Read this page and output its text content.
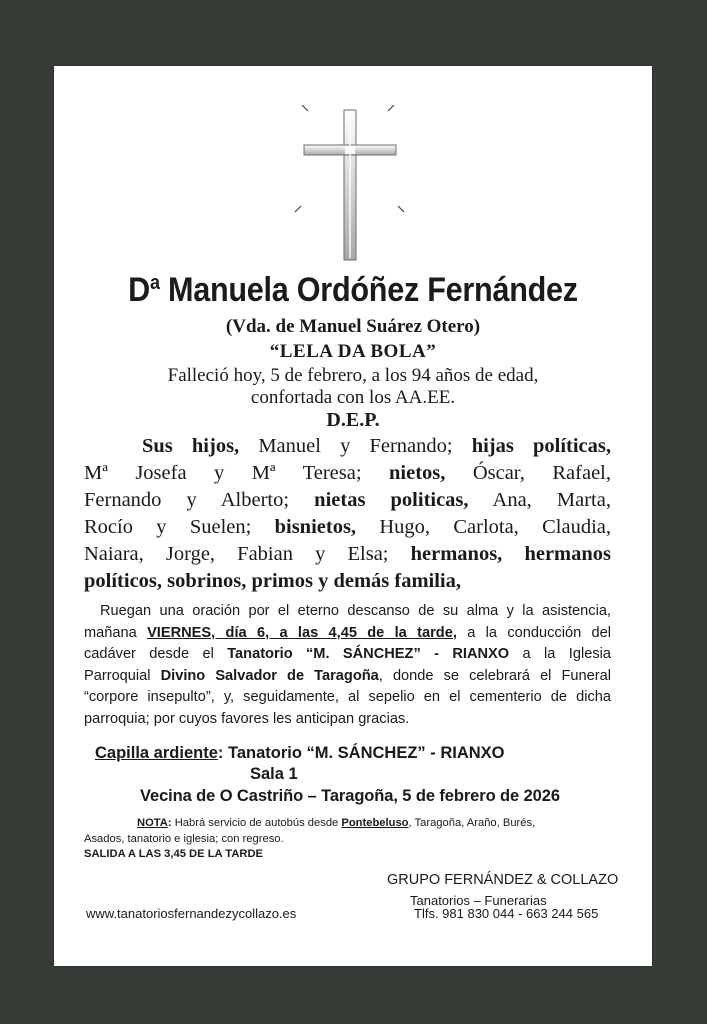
$D^a$ Manuela Ordóñez Fernández
(Vda. de Manuel Suárez Otero)
“LELA DA BOLA”
Falleció hoy, 5 de febrero, a los 94 años de edad,
confortada con los AA.EE.
D.E.P.
Sus hijos, Manuel y Fernando; hijas políticas,
Mª Josefa y Mª Teresa; nietos, Óscar, Rafael,
Fernando y Alberto; nietas politicas, Ana, Marta,
Rocío y Suelen; bisnietos, Hugo, Carlota, Claudia,
Naiara, Jorge, Fabian y Elsa; hermanos, hermanos
políticos, sobrinos, primos y demás familia,
Ruegan una oración por el eterno descanso de su alma y la asistencia,
mañana VIERNES, día 6, a las 4,45 de la tarde, a la conducción del
cadáver desde el Tanatorio “M. SÁNCHEZ” - RIANXO a la Iglesia
Parroquial Divino Salvador de Taragoña, donde se celebrará el Funeral
“corpore insepulto”, y, seguidamente, al sepelio en el cementerio de dicha
parroquia; por cuyos favores les anticipan gracias.
Capilla ardiente: Tanatorio “M. SÁNCHEZ” - RIANXO
Sala 1
Vecina de O Castriño – Taragoña, 5 de febrero de 2026
NOTA: Habrá servicio de autobús desde Pontebeluso, Taragoña, Araño, Burés,
Asados, tanatorio e iglesia; con regreso.
SALIDA A LAS 3,45 DE LA TARDE
GRUPO FERNÁNDEZ & COLLAZO
Tanatorios – Funerarias
www.tanatoriosfernandezycollazo.es	Tlfs. 981 830 044 - 663 244 565
